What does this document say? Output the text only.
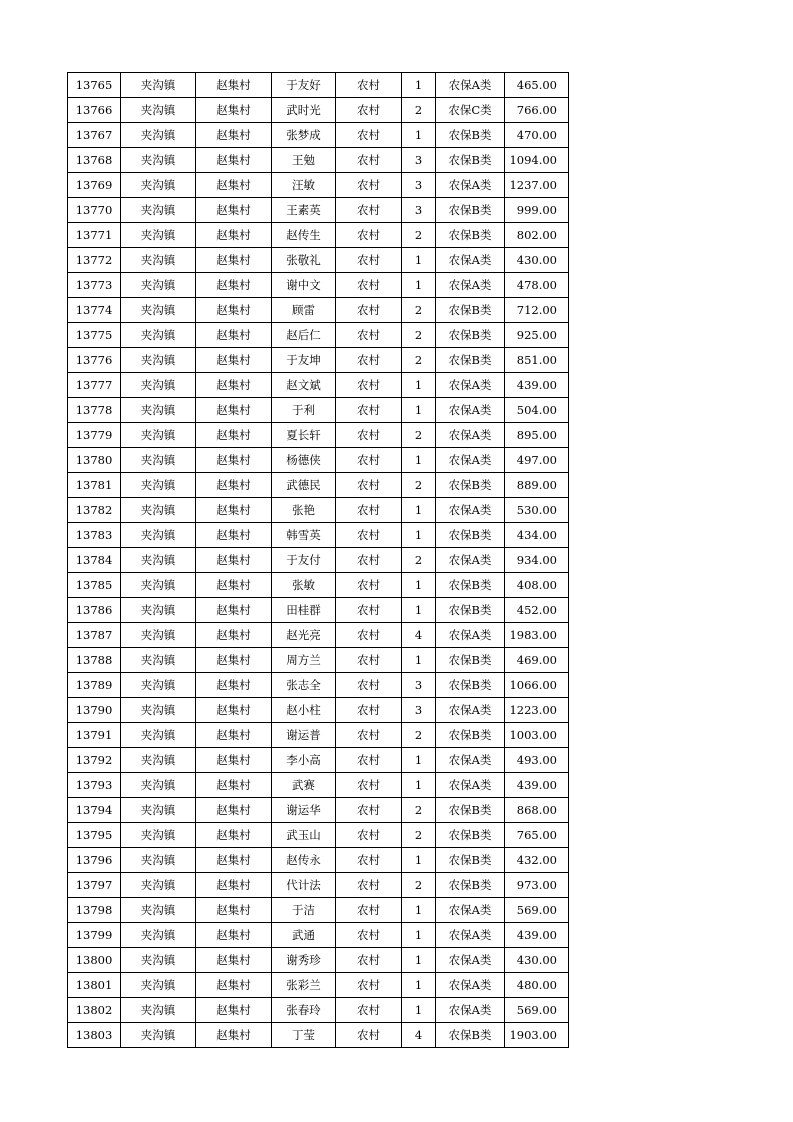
13765	夹沟镇	赵集村	于友好	农村	1	农保A类	465.00
13766	夹沟镇	赵集村	武时光	农村	2	农保C类	766.00
13767	夹沟镇	赵集村	张梦成	农村	1	农保B类	470.00
13768	夹沟镇	赵集村	王勉	农村	3	农保B类	1094.00
13769	夹沟镇	赵集村	汪敏	农村	3	农保A类	1237.00
13770	夹沟镇	赵集村	王素英	农村	3	农保B类	999.00
13771	夹沟镇	赵集村	赵传生	农村	2	农保B类	802.00
13772	夹沟镇	赵集村	张敬礼	农村	1	农保A类	430.00
13773	夹沟镇	赵集村	谢中文	农村	1	农保A类	478.00
13774	夹沟镇	赵集村	顾雷	农村	2	农保B类	712.00
13775	夹沟镇	赵集村	赵后仁	农村	2	农保B类	925.00
13776	夹沟镇	赵集村	于友坤	农村	2	农保B类	851.00
13777	夹沟镇	赵集村	赵文斌	农村	1	农保A类	439.00
13778	夹沟镇	赵集村	于利	农村	1	农保A类	504.00
13779	夹沟镇	赵集村	夏长轩	农村	2	农保A类	895.00
13780	夹沟镇	赵集村	杨德侠	农村	1	农保A类	497.00
13781	夹沟镇	赵集村	武德民	农村	2	农保B类	889.00
13782	夹沟镇	赵集村	张艳	农村	1	农保A类	530.00
13783	夹沟镇	赵集村	韩雪英	农村	1	农保B类	434.00
13784	夹沟镇	赵集村	于友付	农村	2	农保A类	934.00
13785	夹沟镇	赵集村	张敏	农村	1	农保B类	408.00
13786	夹沟镇	赵集村	田桂群	农村	1	农保B类	452.00
13787	夹沟镇	赵集村	赵光亮	农村	4	农保A类	1983.00
13788	夹沟镇	赵集村	周方兰	农村	1	农保B类	469.00
13789	夹沟镇	赵集村	张志全	农村	3	农保B类	1066.00
13790	夹沟镇	赵集村	赵小柱	农村	3	农保A类	1223.00
13791	夹沟镇	赵集村	谢运普	农村	2	农保B类	1003.00
13792	夹沟镇	赵集村	李小高	农村	1	农保A类	493.00
13793	夹沟镇	赵集村	武赛	农村	1	农保A类	439.00
13794	夹沟镇	赵集村	谢运华	农村	2	农保B类	868.00
13795	夹沟镇	赵集村	武玉山	农村	2	农保B类	765.00
13796	夹沟镇	赵集村	赵传永	农村	1	农保B类	432.00
13797	夹沟镇	赵集村	代计法	农村	2	农保B类	973.00
13798	夹沟镇	赵集村	于洁	农村	1	农保A类	569.00
13799	夹沟镇	赵集村	武通	农村	1	农保A类	439.00
13800	夹沟镇	赵集村	谢秀珍	农村	1	农保A类	430.00
13801	夹沟镇	赵集村	张彩兰	农村	1	农保A类	480.00
13802	夹沟镇	赵集村	张春玲	农村	1	农保A类	569.00
13803	夹沟镇	赵集村	丁莹	农村	4	农保B类	1903.00
